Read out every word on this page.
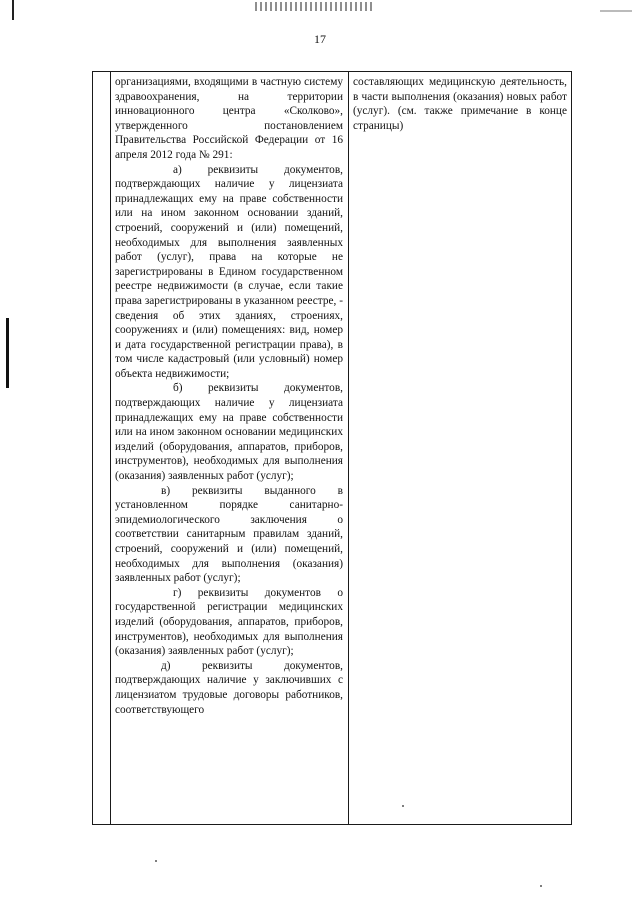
17

организациями, входящими в частную систему здравоохранения, на территории инновационного центра «Сколково», утвержденного постановлением Правительства Российской Федерации от 16 апреля 2012 года № 291:

а) реквизиты документов, подтверждающих наличие у лицензиата принадлежащих ему на праве собственности или на ином законном основании зданий, строений, сооружений и (или) помещений, необходимых для выполнения заявленных работ (услуг), права на которые не зарегистрированы в Едином государственном реестре недвижимости (в случае, если такие права зарегистрированы в указанном реестре, - сведения об этих зданиях, строениях, сооружениях и (или) помещениях: вид, номер и дата государственной регистрации права), в том числе кадастровый (или условный) номер объекта недвижимости;

б) реквизиты документов, подтверждающих наличие у лицензиата принадлежащих ему на праве собственности или на ином законном основании медицинских изделий (оборудования, аппаратов, приборов, инструментов), необходимых для выполнения (оказания) заявленных работ (услуг);

в) реквизиты выданного в установленном порядке санитарно-эпидемиологического заключения о соответствии санитарным правилам зданий, строений, сооружений и (или) помещений, необходимых для выполнения (оказания) заявленных работ (услуг);

г) реквизиты документов о государственной регистрации медицинских изделий (оборудования, аппаратов, приборов, инструментов), необходимых для выполнения (оказания) заявленных работ (услуг);

д) реквизиты документов, подтверждающих наличие у заключивших с лицензиатом трудовые договоры работников, соответствующего

составляющих медицинскую деятельность, в части выполнения (оказания) новых работ (услуг). (см. также примечание в конце страницы)
